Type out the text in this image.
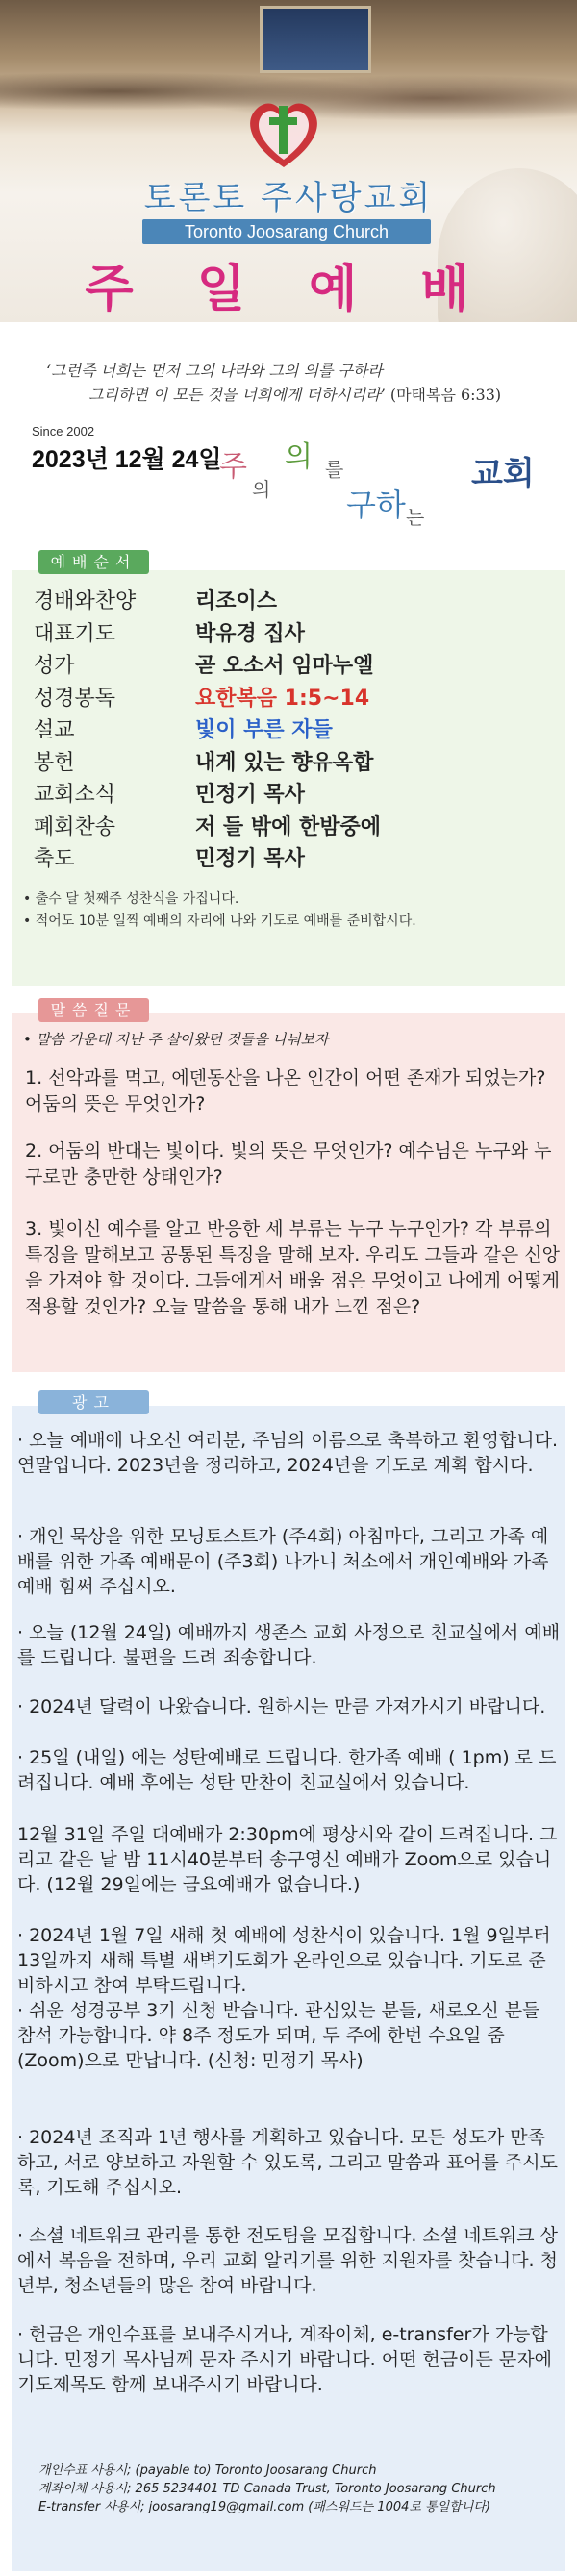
토론토 주사랑교회
Toronto Joosarang Church
주 일 예 배
‘그런즉 너희는 먼저 그의 나라와 그의 의를 구하라
그리하면 이 모든 것을 너희에게 더하시리라’ (마태복음 6:33)
Since 2002
2023년 12월 24일
주
의
의 를
구하 는
교회
예배순서
경배와찬양	리조이스
대표기도	박유경 집사
성가	곧 오소서 임마누엘
성경봉독	요한복음 1:5~14
설교	빛이 부른 자들
봉헌	내게 있는 향유옥합
교회소식	민정기 목사
폐회찬송	저 들 밖에 한밤중에
축도	민정기 목사
• 출수 달 첫째주 성찬식을 가집니다.
• 적어도 10분 일찍 예배의 자리에 나와 기도로 예배를 준비합시다.
말씀질문
• 말씀 가운데 지난 주 살아왔던 것들을 나눠보자
1. 선악과를 먹고, 에덴동산을 나온 인간이 어떤 존재가 되었는가? 어둠의 뜻은 무엇인가?
2. 어둠의 반대는 빛이다. 빛의 뜻은 무엇인가? 예수님은 누구와 누구로만 충만한 상태인가?
3. 빛이신 예수를 알고 반응한 세 부류는 누구 누구인가? 각 부류의 특징을 말해보고 공통된 특징을 말해 보자. 우리도 그들과 같은 신앙을 가져야 할 것이다. 그들에게서 배울 점은 무엇이고 나에게 어떻게 적용할 것인가? 오늘 말씀을 통해 내가 느낀 점은?
광고
· 오늘 예배에 나오신 여러분, 주님의 이름으로 축복하고 환영합니다. 연말입니다. 2023년을 정리하고, 2024년을 기도로 계획 합시다.
· 개인 묵상을 위한 모닝토스트가 (주4회) 아침마다, 그리고 가족 예배를 위한 가족 예배문이 (주3회) 나가니 처소에서 개인예배와 가족예배 힘써 주십시오.
· 오늘 (12월 24일) 예배까지 생존스 교회 사정으로 친교실에서 예배를 드립니다. 불편을 드려 죄송합니다.
· 2024년 달력이 나왔습니다. 원하시는 만큼 가져가시기 바랍니다.
· 25일 (내일) 에는 성탄예배로 드립니다. 한가족 예배 ( 1pm) 로 드려집니다. 예배 후에는 성탄 만찬이 친교실에서 있습니다.
12월 31일 주일 대예배가 2:30pm에 평상시와 같이 드려집니다. 그리고 같은 날 밤 11시40분부터 송구영신 예배가 Zoom으로 있습니다. (12월 29일에는 금요예배가 없습니다.)
· 2024년 1월 7일 새해 첫 예배에 성찬식이 있습니다. 1월 9일부터 13일까지 새해 특별 새벽기도회가 온라인으로 있습니다. 기도로 준비하시고 참여 부탁드립니다.
· 쉬운 성경공부 3기 신청 받습니다. 관심있는 분들, 새로오신 분들 참석 가능합니다. 약 8주 정도가 되며, 두 주에 한번 수요일 줌(Zoom)으로 만납니다. (신청: 민정기 목사)
· 2024년 조직과 1년 행사를 계획하고 있습니다. 모든 성도가 만족하고, 서로 양보하고 자원할 수 있도록, 그리고 말씀과 표어를 주시도록, 기도해 주십시오.
· 소셜 네트워크 관리를 통한 전도팀을 모집합니다. 소셜 네트워크 상에서 복음을 전하며, 우리 교회 알리기를 위한 지원자를 찾습니다. 청년부, 청소년들의 많은 참여 바랍니다.
· 헌금은 개인수표를 보내주시거나, 계좌이체, e-transfer가 가능합니다. 민정기 목사님께 문자 주시기 바랍니다. 어떤 헌금이든 문자에 기도제목도 함께 보내주시기 바랍니다.
개인수표 사용시; (payable to) Toronto Joosarang Church
계좌이체 사용시; 265 5234401 TD Canada Trust, Toronto Joosarang Church
E-transfer 사용시; joosarang19@gmail.com (패스워드는 1004로 통일합니다)
